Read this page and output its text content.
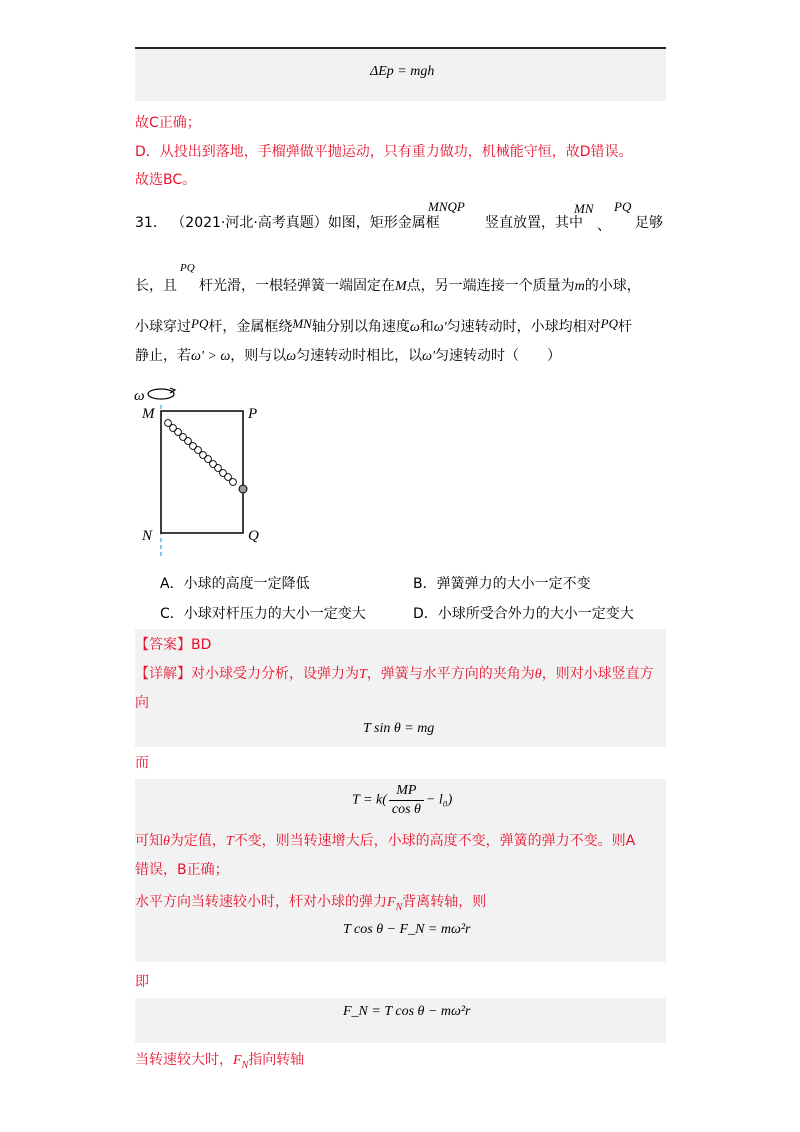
ΔEp = mgh
故C正确；
D．从投出到落地，手榴弹做平抛运动，只有重力做功，机械能守恒，故D错误。
故选BC。
31． （2021·河北·高考真题）如图，矩形金属框
MNQP
竖直放置，其中
MN
、
PQ
足够
长，且
PQ
杆光滑，一根轻弹簧一端固定在M点，另一端连接一个质量为m的小球，
小球穿过PQ杆，金属框绕MN轴分别以角速度ω和ω'匀速转动时，小球均相对PQ杆
静止，若ω' > ω，则与以ω匀速转动时相比，以ω'匀速转动时（　　）
ω
M	P
N	Q
A．小球的高度一定降低	B．弹簧弹力的大小一定不变
C．小球对杆压力的大小一定变大	D．小球所受合外力的大小一定变大
【答案】BD
【详解】对小球受力分析，设弹力为T，弹簧与水平方向的夹角为θ，则对小球竖直方
向
T sin θ = mg
而
$T = k( \frac{MP}{\text{cos θ}} - l_0)$
可知θ为定值，T不变，则当转速增大后，小球的高度不变，弹簧的弹力不变。则A
错误，B正确；
水平方向当转速较小时，杆对小球的弹力$F_N$背离转轴，则
T cos θ − F_N = mω²r
即
F_N = T cos θ − mω²r
当转速较大时，$F_N$指向转轴
